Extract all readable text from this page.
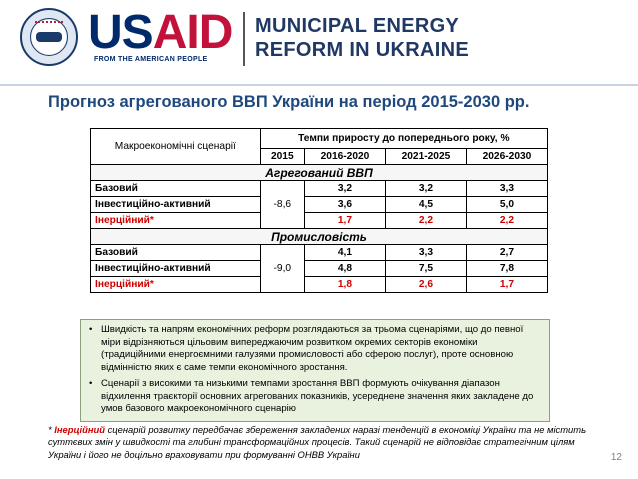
USAID
FROM THE AMERICAN PEOPLE
MUNICIPAL ENERGY
REFORM IN UKRAINE
Прогноз агрегованого ВВП України на період 2015-2030 рр.
Макроекономічні сценарії	Темпи приросту до попереднього року, %			
	2015	2016-2020	2021-2025	2026-2030
Агрегований ВВП				
Базовий	-8,6	3,2	3,2	3,3
Інвестиційно-активний		3,6	4,5	5,0
Інерційний*		1,7	2,2	2,2
Промисловість				
Базовий	-9,0	4,1	3,3	2,7
Інвестиційно-активний		4,8	7,5	7,8
Інерційний*		1,8	2,6	1,7
• Швидкість та напрям економічних реформ розглядаються за трьома сценаріями, що до певної міри відрізняються цільовим випереджаючим розвитком окремих секторів економіки (традиційними енергоємними галузями промисловості або сферою послуг), проте основною відмінністю яких є саме темпи економічного зростання.
• Сценарії з високими та низькими темпами зростання ВВП формують очікування діапазон відхилення траєкторії основних агрегованих показників, усереднене значення яких закладене до умов базового макроекономічного сценарію
* Інерційний сценарій розвитку передбачає збереження закладених наразі тенденцій в економіці України та не містить суттєвих змін у швидкості та глибині трансформаційних процесів. Такий сценарій не відповідає стратегічним цілям України і його не доцільно враховувати при формуванні ОНВВ України	12
